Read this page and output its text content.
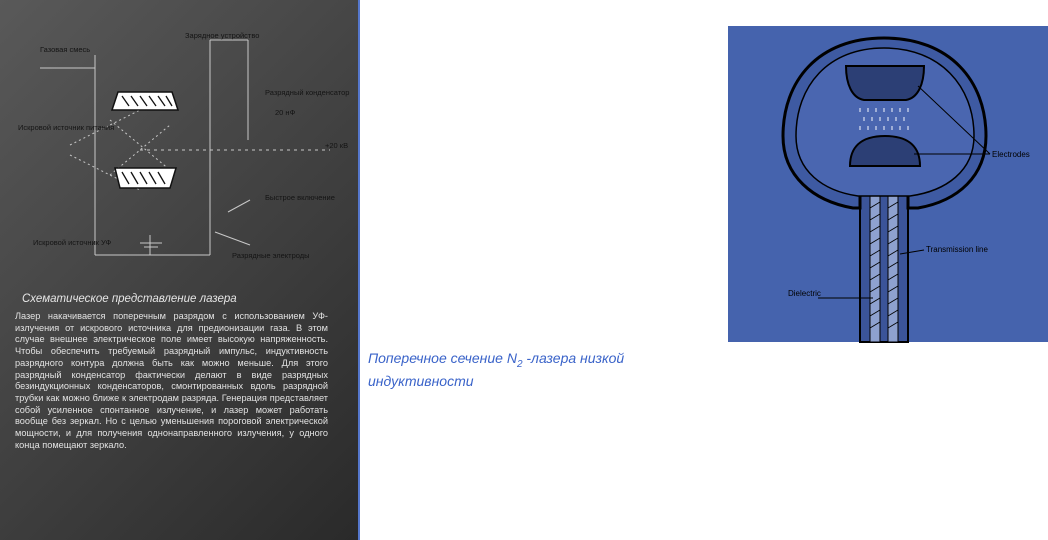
Зарядное устройство
Газовая смесь
Разрядный конденсатор
20 нФ
Искровой источник питания
+20 кВ
Быстрое включение
Искровой источник УФ
Разрядные электроды
Схематическое представление лазера
Лазер накачивается поперечным разрядом с использованием УФ-излучения от искрового источника для предионизации газа. В этом случае внешнее электрическое поле имеет высокую напряженность. Чтобы обеспечить требуемый разрядный импульс, индуктивность разрядного контура должна быть как можно меньше. Для этого разрядный конденсатор фактически делают в виде разрядных безиндукционных конденсаторов, смонтированных вдоль разрядной трубки как можно ближе к электродам разряда. Генерация представляет собой усиленное спонтанное излучение, и лазер может работать вообще без зеркал. Но с целью уменьшения пороговой электрической мощности, и для получения однонаправленного излучения, у одного конца помещают зеркало.
Electrodes
Transmission line
Dielectric
Поперечное сечение $N_2$ -лазера низкой индуктивности
